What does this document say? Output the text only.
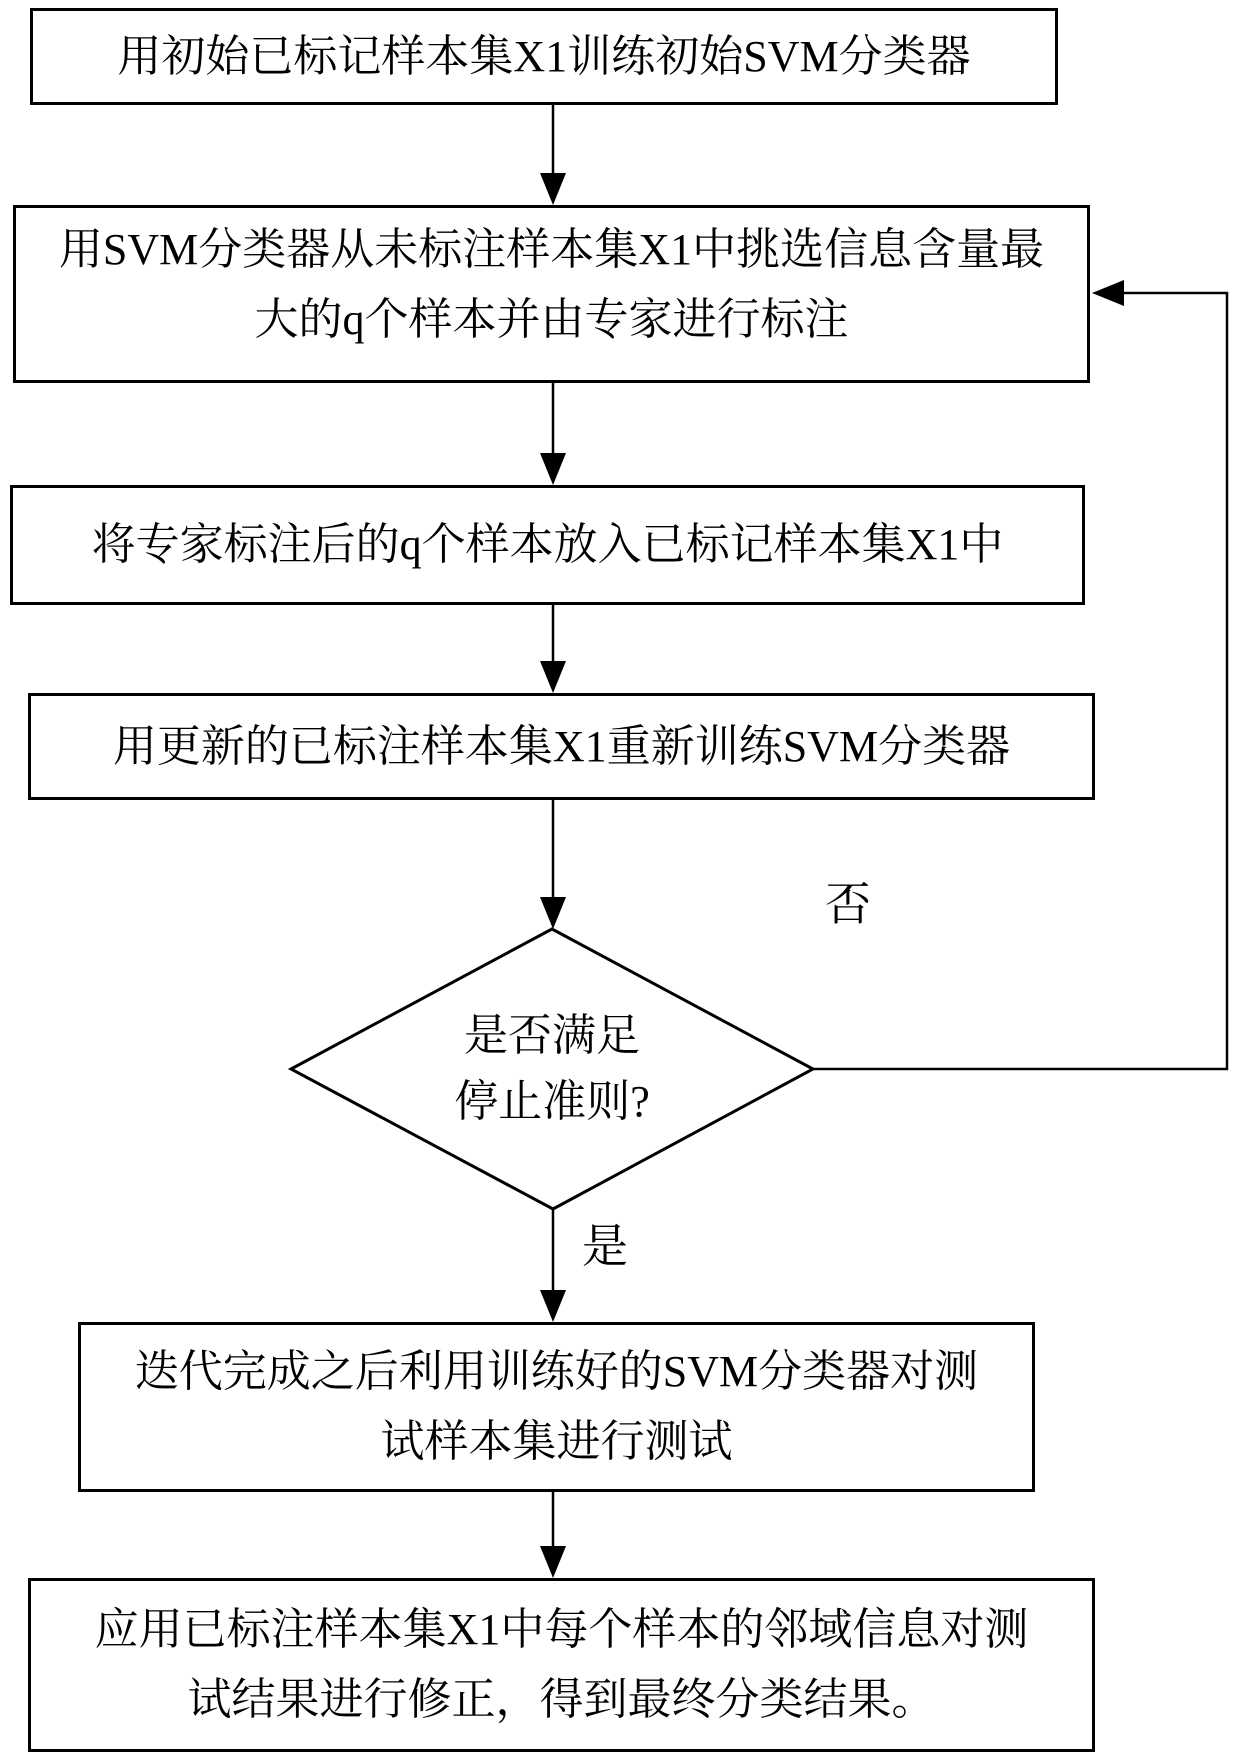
用初始已标记样本集X1训练初始SVM分类器
用SVM分类器从未标注样本集X1中挑选信息含量最
大的q个样本并由专家进行标注
将专家标注后的q个样本放入已标记样本集X1中
用更新的已标注样本集X1重新训练SVM分类器
是否满足
停止准则?
迭代完成之后利用训练好的SVM分类器对测
试样本集进行测试
应用已标注样本集X1中每个样本的邻域信息对测
试结果进行修正，得到最终分类结果。
否
是
